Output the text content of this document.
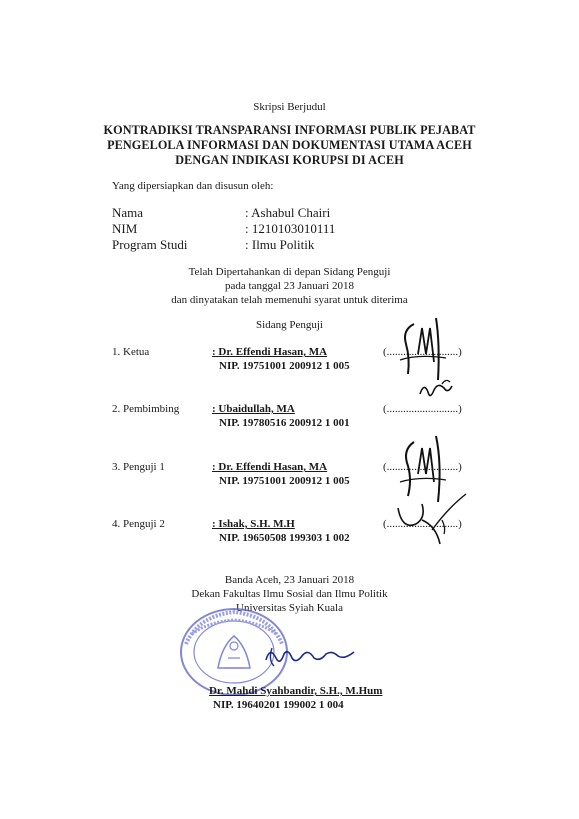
Skripsi Berjudul
KONTRADIKSI TRANSPARANSI INFORMASI PUBLIK PEJABAT
PENGELOLA INFORMASI DAN DOKUMENTASI UTAMA ACEH
DENGAN INDIKASI KORUPSI DI ACEH
Yang dipersiapkan dan disusun oleh:
Nama	: Ashabul Chairi
NIM	: 1210103010111
Program Studi	: Ilmu Politik
Telah Dipertahankan di depan Sidang Penguji
pada tanggal 23 Januari 2018
dan dinyatakan telah memenuhi syarat untuk diterima
Sidang Penguji
1. Ketua	: Dr. Effendi Hasan, MA
NIP. 19751001 200912 1 005
(..........................)
2. Pembimbing	: Ubaidullah, MA
NIP. 19780516 200912 1 001
(..........................)
3. Penguji 1	: Dr. Effendi Hasan, MA
NIP. 19751001 200912 1 005
(..........................)
4. Penguji 2	: Ishak, S.H. M.H
NIP. 19650508 199303 1 002
(..........................)
Banda Aceh, 23 Januari 2018
Dekan Fakultas Ilmu Sosial dan Ilmu Politik
Universitas Syiah Kuala
Dr. Mahdi Syahbandir, S.H., M.Hum
NIP. 19640201 199002 1 004
